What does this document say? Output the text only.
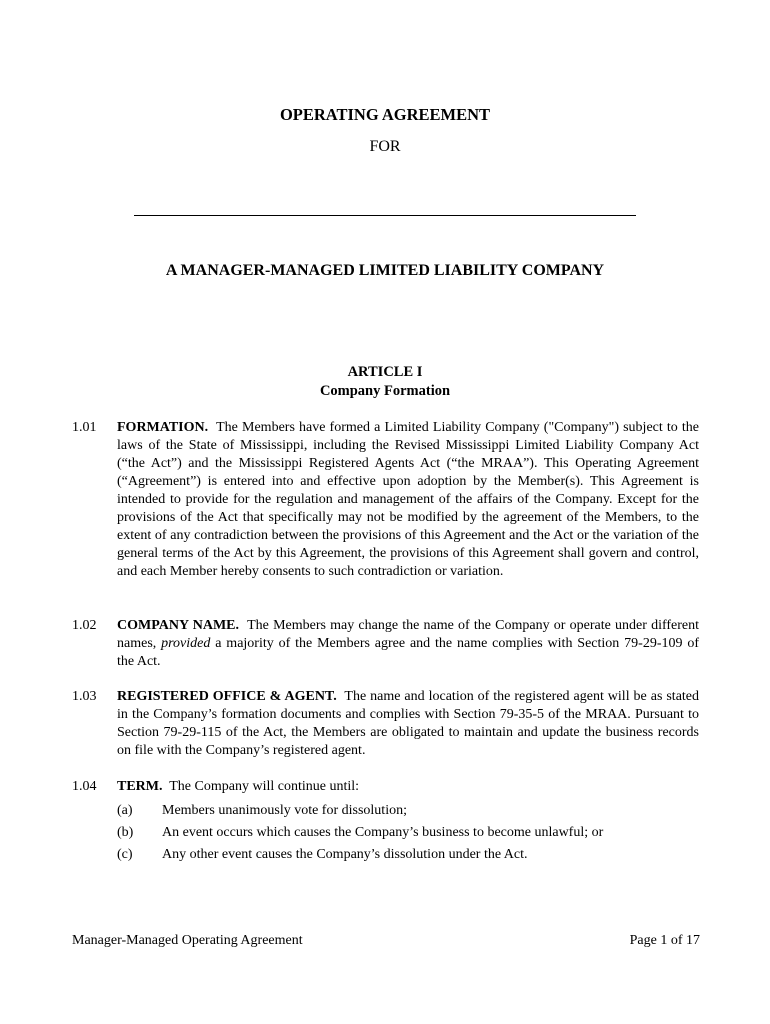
OPERATING AGREEMENT
FOR
A MANAGER-MANAGED LIMITED LIABILITY COMPANY
ARTICLE I
Company Formation
1.01 FORMATION. The Members have formed a Limited Liability Company ("Company") subject to the laws of the State of Mississippi, including the Revised Mississippi Limited Liability Company Act (“the Act”) and the Mississippi Registered Agents Act (“the MRAA”). This Operating Agreement (“Agreement”) is entered into and effective upon adoption by the Member(s). This Agreement is intended to provide for the regulation and management of the affairs of the Company. Except for the provisions of the Act that specifically may not be modified by the agreement of the Members, to the extent of any contradiction between the provisions of this Agreement and the Act or the variation of the general terms of the Act by this Agreement, the provisions of this Agreement shall govern and control, and each Member hereby consents to such contradiction or variation.
1.02 COMPANY NAME. The Members may change the name of the Company or operate under different names, provided a majority of the Members agree and the name complies with Section 79-29-109 of the Act.
1.03 REGISTERED OFFICE & AGENT. The name and location of the registered agent will be as stated in the Company’s formation documents and complies with Section 79-35-5 of the MRAA. Pursuant to Section 79-29-115 of the Act, the Members are obligated to maintain and update the business records on file with the Company’s registered agent.
1.04 TERM. The Company will continue until:
(a) Members unanimously vote for dissolution;
(b) An event occurs which causes the Company’s business to become unlawful; or
(c) Any other event causes the Company’s dissolution under the Act.
Manager-Managed Operating Agreement	Page 1 of 17
